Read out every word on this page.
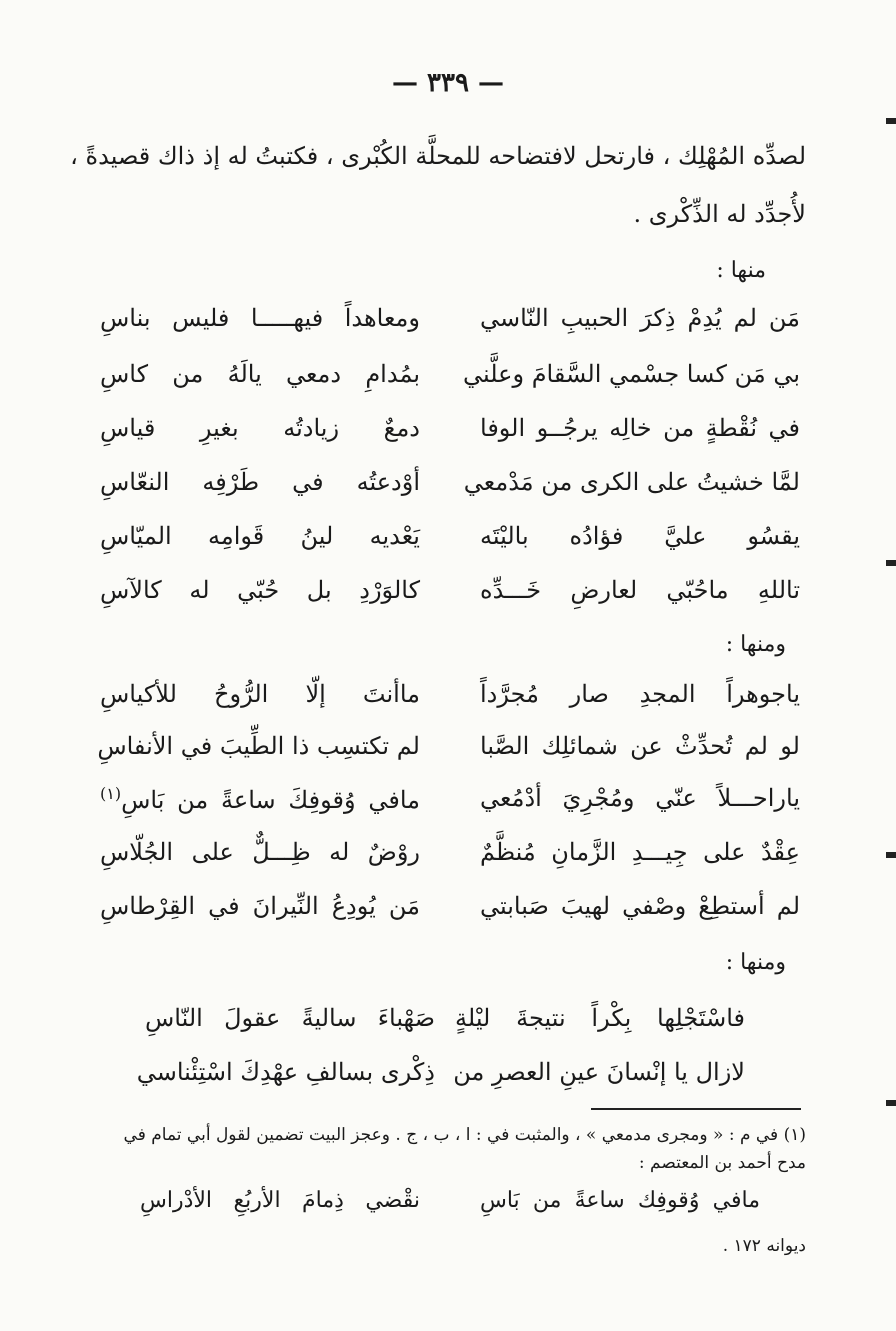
— ٣٣٩ —
لصدِّه المُهْلِك ، فارتحل لافتضاحه للمحلَّة الكُبْرى ، فكتبتُ له إذ ذاك قصيدةً ،
لأُجدِّد له الذِّكْرى .
منها :
مَن لم يُدِمْ ذِكرَ الحبيبِ النّاسي
ومعاهداً فيهـــــا فليس بناسِ
بي مَن كسا جسْمي السَّقامَ وعلَّني
بمُدامِ دمعي يالَهُ من كاسِ
في نُقْطةٍ من خالِه يرجُــو الوفا
دمعٌ زيادتُه بغيرِ قياسِ
لمَّا خشيتُ على الكرى من مَدْمعي
أوْدعتُه في طَرْفِه النعّاسِ
يقسُو عليَّ فؤادُه باليْتَه
يَعْديه لينُ قَوامِه الميّاسِ
تاللهِ ماحُبّي لعارضِ خَـــدِّه
كالوَرْدِ بل حُبّي له كالآسِ
ومنها :
ياجوهراً المجدِ صار مُجرَّداً
ماأنتَ إلّا الرُّوحُ للأكياسِ
لو لم تُحدِّثْ عن شمائلِك الصَّبا
لم تكتسِب ذا الطِّيبَ في الأنفاسِ
ياراحـــلاً عنّي ومُجْرِيَ أدْمُعي
مافي وُقوفِكَ ساعةً من بَاسِ$^{(١)}$
عِقْدٌ على جِيـــدِ الزَّمانِ مُنظَّمٌ
روْضٌ له ظِـــلٌّ على الجُلّاسِ
لم أستطِعْ وصْفي لهيبَ صَبابتي
مَن يُودِعُ النِّيرانَ في القِرْطاسِ
ومنها :
فاسْتَجْلِها بِكْراً نتيجةَ ليْلةٍ
صَهْباءَ ساليةً عقولَ النّاسِ
لازال يا إنْسانَ عينِ العصرِ من
ذِكْرى بسالفِ عهْدِكَ اسْتِئْناسي
(١) في م : « ومجرى مدمعي » ، والمثبت في : ا ، ب ، ج . وعجز البيت تضمين لقول أبي تمام في
مدح أحمد بن المعتصم :
مافي وُقوفِك ساعةً من بَاسِ
نقْضي ذِمامَ الأربُعِ الأدْراسِ
ديوانه ١٧٢ .
